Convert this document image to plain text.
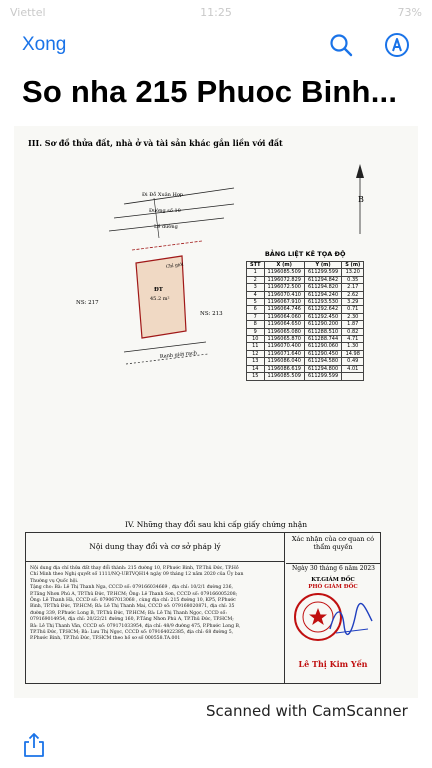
Viettel	11:25	73%
Xong
So nha 215 Phuoc Binh...
III. Sơ đồ thửa đất, nhà ở và tài sản khác gắn liền với đất
Đi Đỗ Xuân Hợp
Đường số 10
Lề đường
Chỉ giới
ĐT
45.2 m²
NS: 217
NS: 213
Ranh giới rạch
B
BẢNG LIỆT KÊ TỌA ĐỘ
STT	X (m)	Y (m)	S (m)
1	1196085.509	611299.599	13.20
2	1196072.829	611294.842	0.35
3	1196072.500	611294.820	2.17
4	1196070.410	611294.240	2.62
5	1196067.910	611293.530	3.29
6	1196064.746	611292.642	0.71
7	1196064.060	611292.450	2.30
8	1196064.650	611290.200	1.87
9	1196065.080	611288.510	0.82
10	1196065.870	611288.744	4.71
11	1196070.400	611290.060	1.30
12	1196071.640	611290.450	14.98
13	1196086.040	611294.580	0.49
14	1196086.619	611294.800	4.01
15	1196085.509	611299.599	
IV. Những thay đổi sau khi cấp giấy chứng nhận
Nội dung thay đổi và cơ sở pháp lý
Nội dung địa chỉ thửa đất thay đổi thành: 215 đường 10, P.Phước Bình, TP.Thủ Đức, TP.Hồ
Chí Minh theo Nghị quyết số 1111/NQ-UBTVQH14 ngày 09 tháng 12 năm 2020 của Ủy ban
Thường vụ Quốc hội.
Tặng cho: Bà: Lê Thị Thanh Nga, CCCD số: 079166034669 , địa chỉ: 10/2/1 đường 236,
P.Tăng Nhơn Phú A, TP.Thủ Đức, TP.HCM; Ông: Lê Thanh Sơn, CCCD số: 079166005208;
Ông: Lê Thanh Hà, CCCD số: 079067013068 , cùng địa chỉ: 215 đường 10, KP5, P.Phước
Bình, TP.Thủ Đức, TP.HCM; Bà: Lê Thị Thanh Mai, CCCD số: 079168020871, địa chỉ: 35
đường 339, P.Phước Long B, TP.Thủ Đức, TP.HCM; Bà: Lê Thị Thanh Ngọc, CCCD số:
079169014954, địa chỉ: 20/22/21 đường 160, P.Tăng Nhơn Phú A, TP.Thủ Đức, TP.HCM;
Bà: Lê Thị Thanh Vân, CCCD số: 079171033954, địa chỉ: 48/9 đường 475, P.Phước Long B,
TP.Thủ Đức, TP.HCM; Bà: Lưu Thị Ngọc, CCCD số: 079164022385, địa chỉ: 68 đường 5,
P.Phước Bình, TP.Thủ Đức, TP.HCM theo hồ sơ số 000558.TA.001
Xác nhận của cơ quan có thẩm quyền
Ngày 30 tháng 6 năm 2023
KT.GIÁM ĐỐC
PHÓ GIÁM ĐỐC
Lê Thị Kim Yến
Scanned with CamScanner
